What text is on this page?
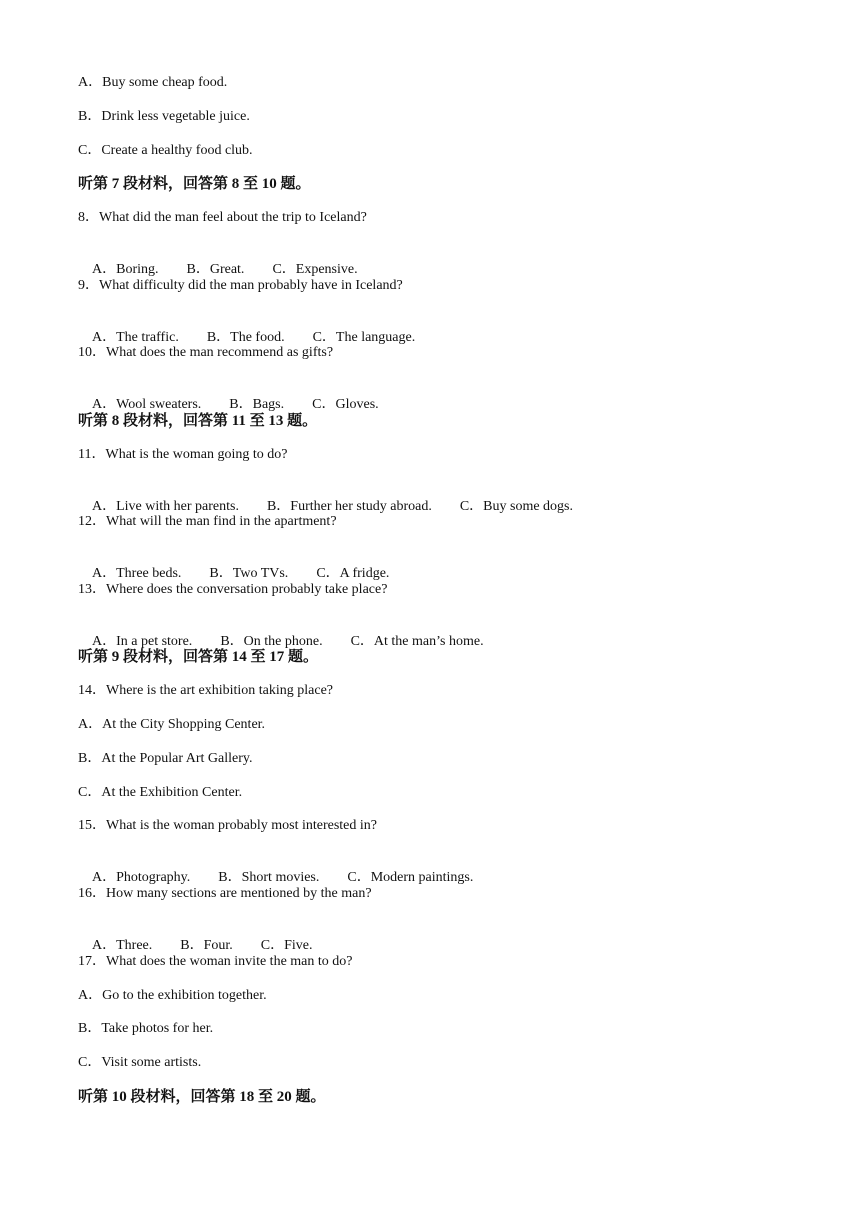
A．Buy some cheap food.
B．Drink less vegetable juice.
C．Create a healthy food club.
听第 7 段材料，回答第 8 至 10 题。
8．What did the man feel about the trip to Iceland?

A．Boring. B．Great. C．Expensive.

9．What difficulty did the man probably have in Iceland?

A．The traffic. B．The food. C．The language.

10．What does the man recommend as gifts?

A．Wool sweaters. B．Bags. C．Gloves.

听第 8 段材料，回答第 11 至 13 题。
11．What is the woman going to do?

A．Live with her parents. B．Further her study abroad. C．Buy some dogs.

12．What will the man find in the apartment?

A．Three beds. B．Two TVs. C．A fridge.

13．Where does the conversation probably take place?

A．In a pet store. B．On the phone. C．At the man’s home.

听第 9 段材料，回答第 14 至 17 题。
14．Where is the art exhibition taking place?
A．At the City Shopping Center.
B．At the Popular Art Gallery.
C．At the Exhibition Center.
15．What is the woman probably most interested in?

A．Photography. B．Short movies. C．Modern paintings.

16．How many sections are mentioned by the man?

A．Three. B．Four. C．Five.

17．What does the woman invite the man to do?
A．Go to the exhibition together.
B．Take photos for her.
C．Visit some artists.
听第 10 段材料，回答第 18 至 20 题。
